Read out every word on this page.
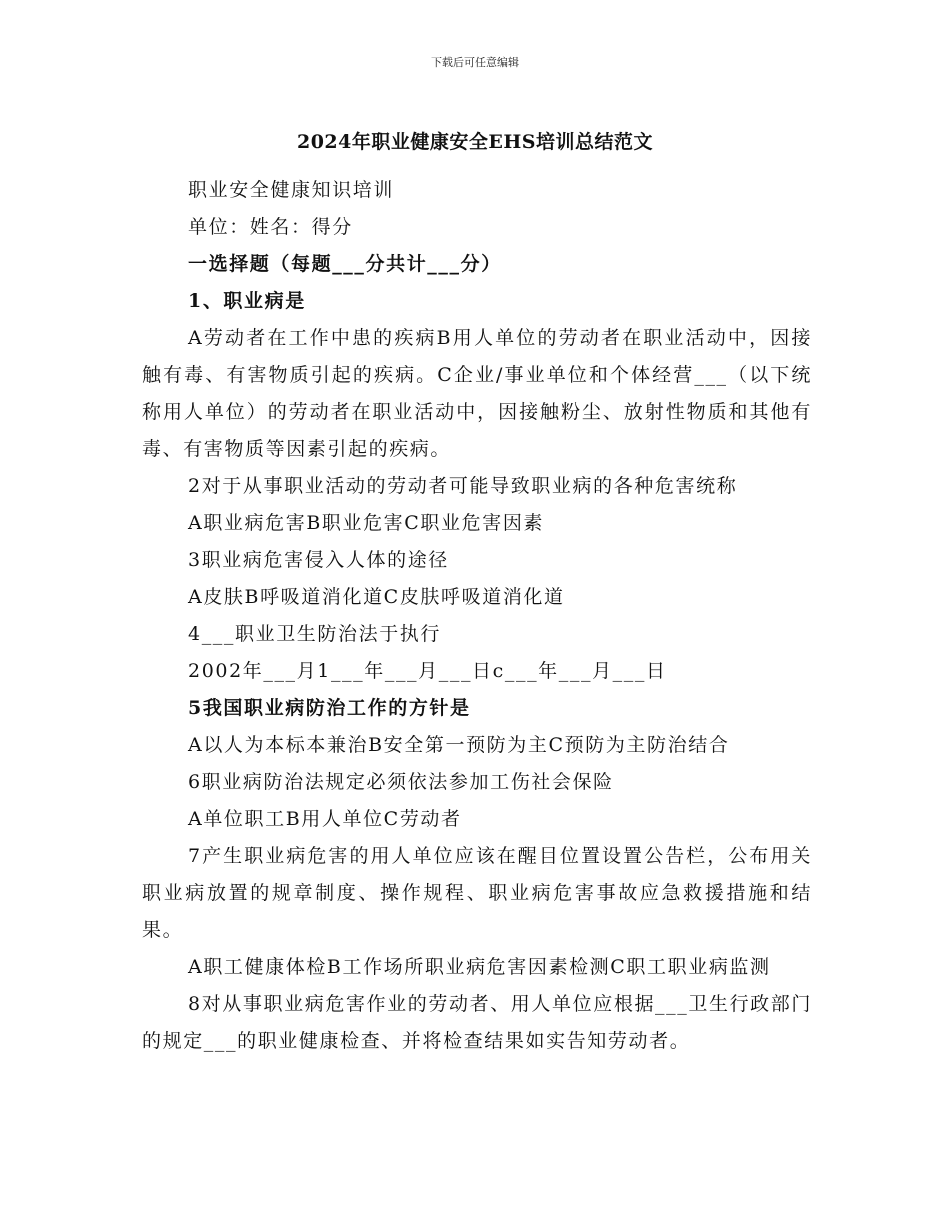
下载后可任意编辑
2024年职业健康安全EHS培训总结范文

职业安全健康知识培训

单位：姓名：得分

一选择题（每题___分共计___分）

1、职业病是

A劳动者在工作中患的疾病B用人单位的劳动者在职业活动中，因接触有毒、有害物质引起的疾病。C企业/事业单位和个体经营___（以下统称用人单位）的劳动者在职业活动中，因接触粉尘、放射性物质和其他有毒、有害物质等因素引起的疾病。

2对于从事职业活动的劳动者可能导致职业病的各种危害统称

A职业病危害B职业危害C职业危害因素

3职业病危害侵入人体的途径

A皮肤B呼吸道消化道C皮肤呼吸道消化道

4___职业卫生防治法于执行

2002年___月1___年___月___日c___年___月___日

5我国职业病防治工作的方针是

A以人为本标本兼治B安全第一预防为主C预防为主防治结合

6职业病防治法规定必须依法参加工伤社会保险

A单位职工B用人单位C劳动者

7产生职业病危害的用人单位应该在醒目位置设置公告栏，公布用关职业病放置的规章制度、操作规程、职业病危害事故应急救援措施和结果。

A职工健康体检B工作场所职业病危害因素检测C职工职业病监测

8对从事职业病危害作业的劳动者、用人单位应根据___卫生行政部门的规定___的职业健康检查、并将检查结果如实告知劳动者。
